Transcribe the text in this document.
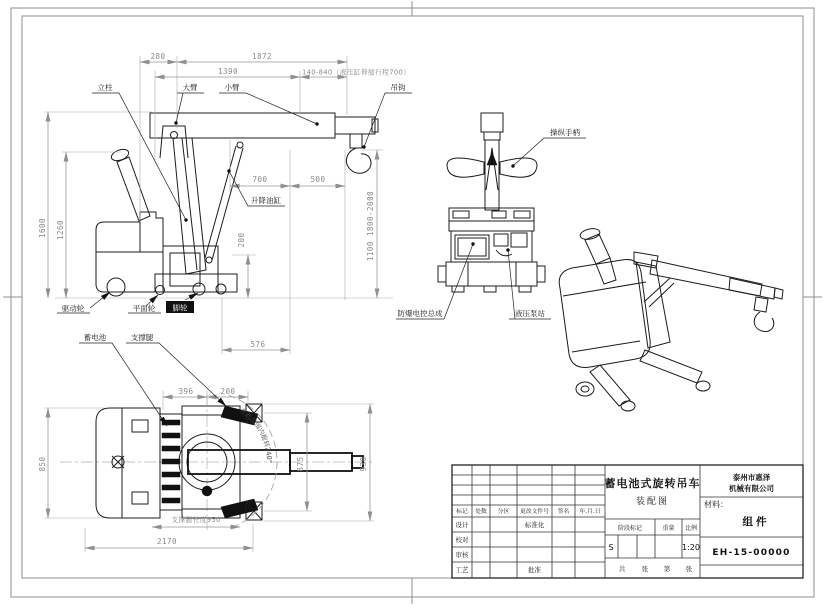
280	1872
1390	140-840（液压缸伸缩行程700）
700	500
1600 1260	1100 1800-2000
200
576
立柱	大臂	小臂	吊钩
升降油缸
驱动轮	平面轮 脚轮
操纵手柄
防爆电控总成	液压泵站
在此范围内旋转240°
396	200
850	875	930
支撑腿长度950
2170
蓄电池	支撑腿
标记 处数 分区 更改文件号 签名 年.月.日
设计	标准化
校对
审核
工艺	批准
蓄电池式旋转吊车
装配图
阶段标记	重量 比例
S	1:20
共	张 第 张
泰州市惠泽
机械有限公司
材料：
组件
EH-15-00000
